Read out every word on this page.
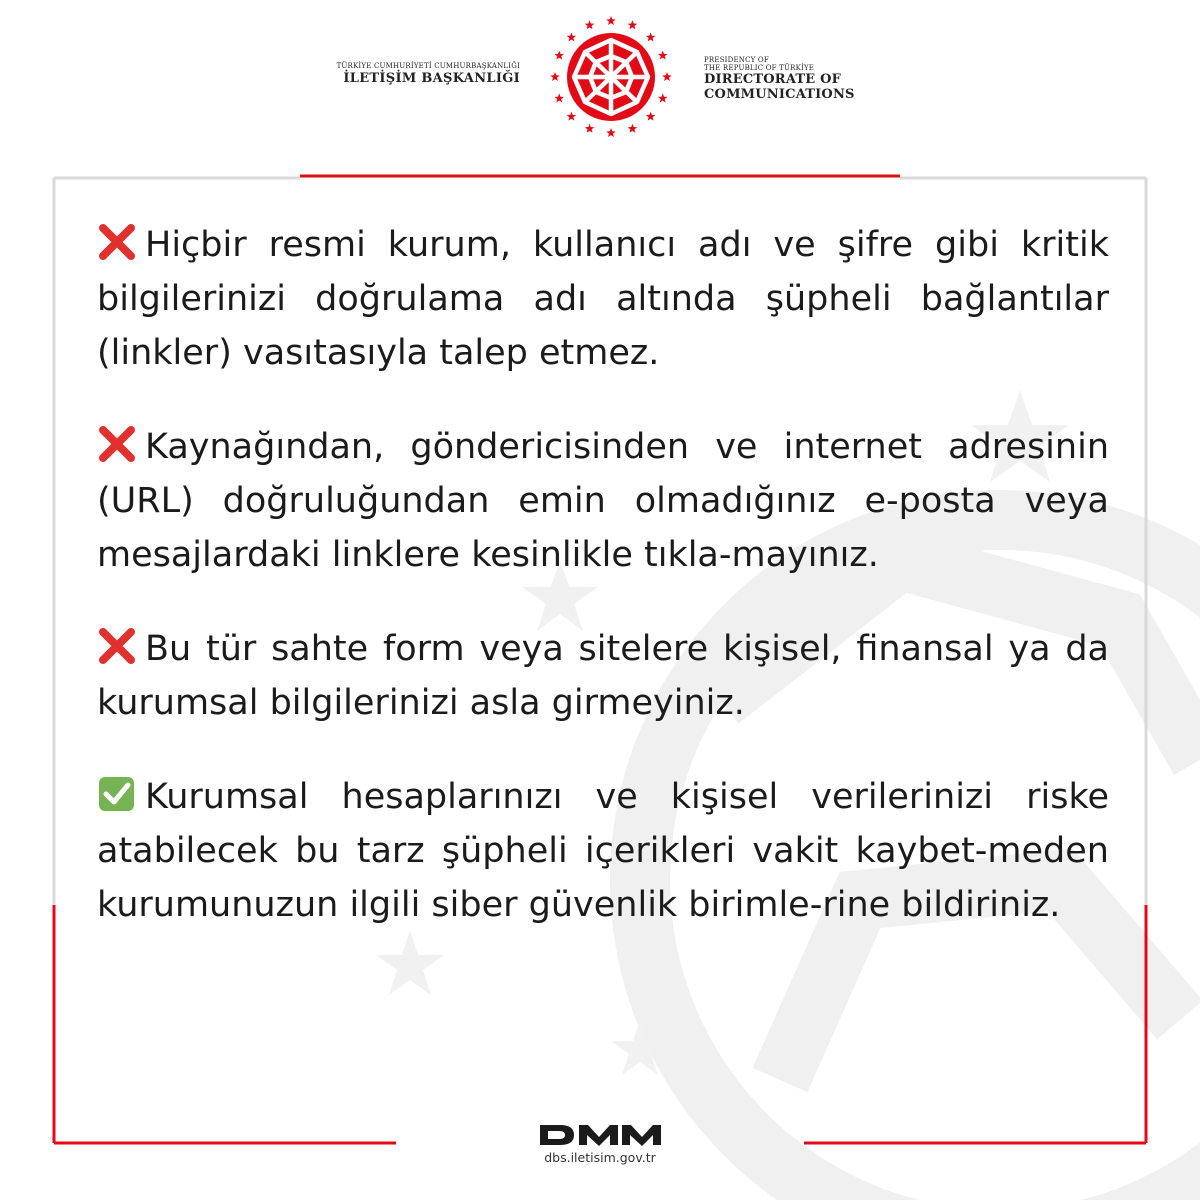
TÜRKİYE CUMHURİYETİ CUMHURBAŞKANLIĞI
İLETİŞİM BAŞKANLIĞI
PRESIDENCY OF
THE REPUBLIC OF TÜRKİYE
DIRECTORATE OF
COMMUNICATIONS
Hiçbir resmi kurum, kullanıcı adı ve şifre gibi kritik bilgilerinizi doğrulama adı altında şüpheli bağlantılar (linkler) vasıtasıyla talep etmez.
Kaynağından, göndericisinden ve internet adresinin (URL) doğruluğundan emin olmadığınız e-posta veya mesajlardaki linklere kesinlikle tıkla-mayınız.
Bu tür sahte form veya sitelere kişisel, finansal ya da kurumsal bilgilerinizi asla girmeyiniz.
Kurumsal hesaplarınızı ve kişisel verilerinizi riske atabilecek bu tarz şüpheli içerikleri vakit kaybet-meden kurumunuzun ilgili siber güvenlik birimle-rine bildiriniz.
dbs.iletisim.gov.tr
